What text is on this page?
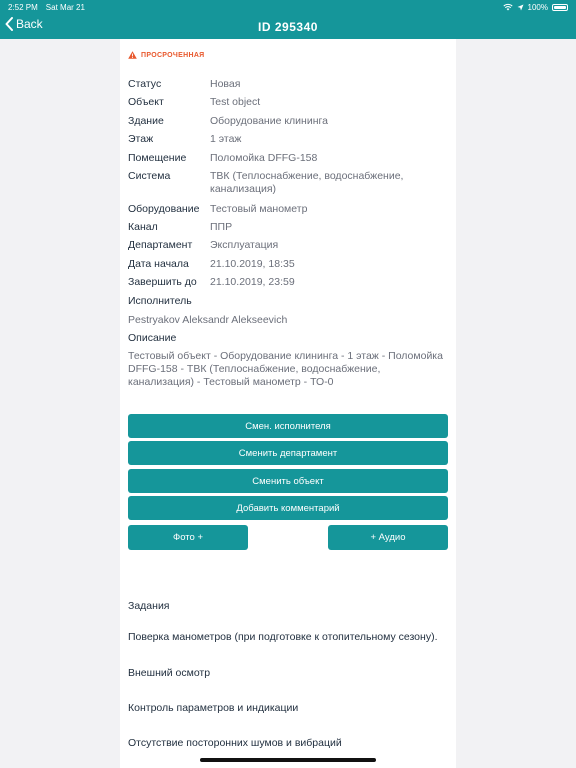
2:52 PM Sat Mar 21	100%
Back	ID 295340
ПРОСРОЧЕННАЯ
Статус	Новая
Объект	Test object
Здание	Оборудование клининга
Этаж	1 этаж
Помещение	Поломойка DFFG-158
Система	ТВК (Теплоснабжение, водоснабжение, канализация)
Оборудование	Тестовый манометр
Канал	ППР
Департамент	Эксплуатация
Дата начала	21.10.2019, 18:35
Завершить до	21.10.2019, 23:59
Исполнитель
Pestryakov Aleksandr Alekseevich
Описание
Тестовый объект - Оборудование клининга - 1 этаж - Поломойка DFFG-158 - ТВК (Теплоснабжение, водоснабжение, канализация) - Тестовый манометр - ТО-0
Смен. исполнителя
Сменить департамент
Сменить объект
Добавить комментарий
Фото +	+ Аудио
Задания
Поверка манометров (при подготовке к отопительному сезону).
Внешний осмотр
Контроль параметров и индикации
Отсутствие посторонних шумов и вибраций
